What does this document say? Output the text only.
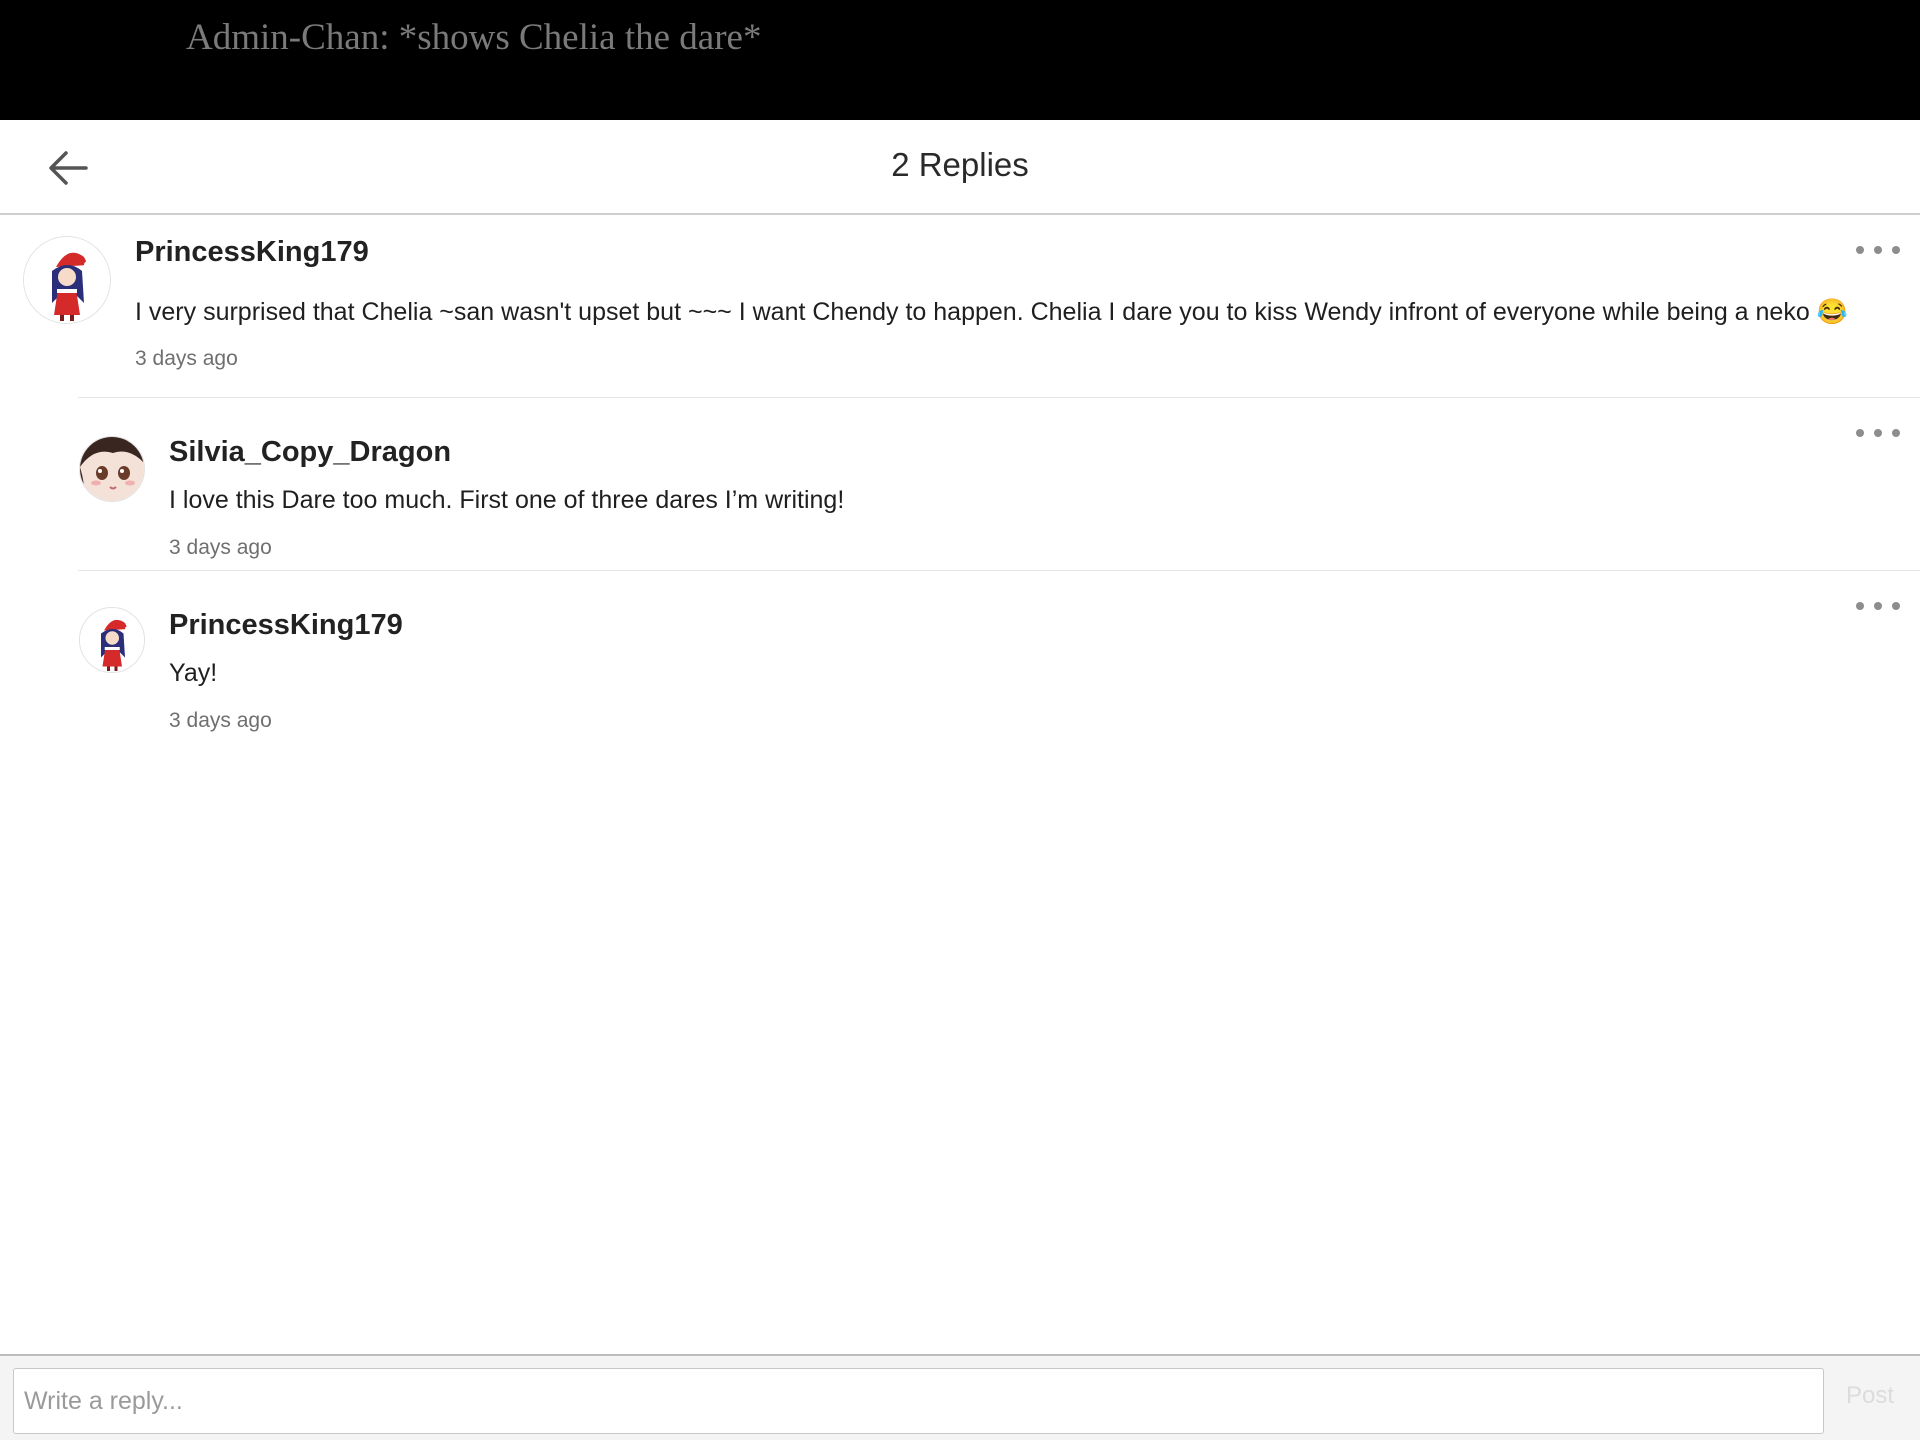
Admin-Chan: *shows Chelia the dare*
2 Replies
PrincessKing179
I very surprised that Chelia ~san wasn't upset but ~~~ I want Chendy to happen. Chelia I dare you to kiss Wendy infront of everyone while being a neko 😂
3 days ago
Silvia_Copy_Dragon
I love this Dare too much. First one of three dares I’m writing!
3 days ago
PrincessKing179
Yay!
3 days ago
Write a reply...
Post
